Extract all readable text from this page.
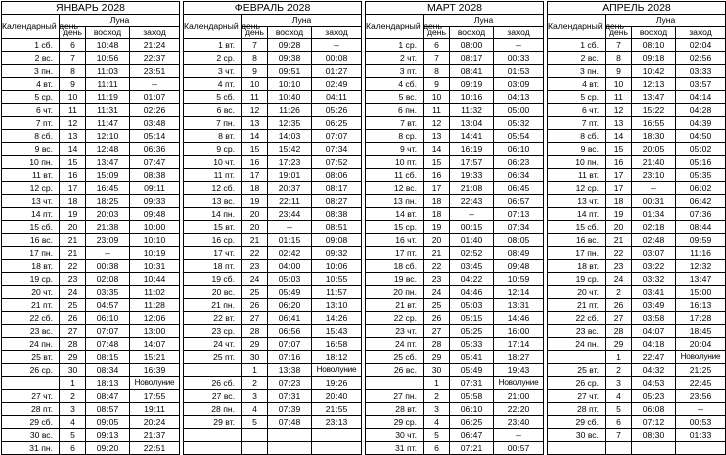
ЯНВАРЬ 2028			
Календарный день	Луна		
	день	восход	заход
1 сб.	6	10:48	21:24
2 вс.	7	10:56	22:37
3 пн.	8	11:03	23:51
4 вт.	9	11:11	–
5 ср.	10	11:19	01:07
6 чт.	11	11:31	02:26
7 пт.	12	11:47	03:48
8 сб.	13	12:10	05:14
9 вс.	14	12:48	06:36
10 пн.	15	13:47	07:47
11 вт.	16	15:09	08:38
12 ср.	17	16:45	09:11
13 чт.	18	18:25	09:33
14 пт.	19	20:03	09:48
15 сб.	20	21:38	10:00
16 вс.	21	23:09	10:10
17 пн.	21	–	10:19
18 вт.	22	00:38	10:31
19 ср.	23	02:08	10:44
20 чт.	24	03:35	11:02
21 пт.	25	04:57	11:28
22 сб.	26	06:10	12:06
23 вс.	27	07:07	13:00
24 пн.	28	07:48	14:07
25 вт.	29	08:15	15:21
26 ср.	30	08:34	16:39
	1	18:13	Новолуние
27 чт.	2	08:47	17:55
28 пт.	3	08:57	19:11
29 сб.	4	09:05	20:24
30 вс.	5	09:13	21:37
31 пн.	6	09:20	22:51
ФЕВРАЛЬ 2028			
Календарный день	Луна		
	день	восход	заход
1 вт.	7	09:28	–
2 ср.	8	09:38	00:08
3 чт.	9	09:51	01:27
4 пт.	10	10:10	02:49
5 сб.	11	10:40	04:11
6 вс.	12	11:26	05:26
7 пн.	13	12:35	06:25
8 вт.	14	14:03	07:07
9 ср.	15	15:42	07:34
10 чт.	16	17:23	07:52
11 пт.	17	19:01	08:06
12 сб.	18	20:37	08:17
13 вс.	19	22:11	08:27
14 пн.	20	23:44	08:38
15 вт.	20	–	08:51
16 ср.	21	01:15	09:08
17 чт.	22	02:42	09:32
18 пт.	23	04:00	10:06
19 сб.	24	05:03	10:55
20 вс.	25	05:49	11:57
21 пн.	26	06:20	13:10
22 вт.	27	06:41	14:26
23 ср.	28	06:56	15:43
24 чт.	29	07:07	16:58
25 пт.	30	07:16	18:12
	1	13:38	Новолуние
26 сб.	2	07:23	19:26
27 вс.	3	07:31	20:40
28 пн.	4	07:39	21:55
29 вт.	5	07:48	23:13

МАРТ 2028			
Календарный день	Луна		
	день	восход	заход
1 ср.	6	08:00	–
2 чт.	7	08:17	00:33
3 пт.	8	08:41	01:53
4 сб.	9	09:19	03:09
5 вс.	10	10:16	04:13
6 пн.	11	11:32	05:00
7 вт.	12	13:04	05:32
8 ср.	13	14:41	05:54
9 чт.	14	16:19	06:10
10 пт.	15	17:57	06:23
11 сб.	16	19:33	06:34
12 вс.	17	21:08	06:45
13 пн.	18	22:43	06:57
14 вт.	18	–	07:13
15 ср.	19	00:15	07:34
16 чт.	20	01:40	08:05
17 пт.	21	02:52	08:49
18 сб.	22	03:45	09:48
19 вс.	23	04:22	10:59
20 пн.	24	04:46	12:14
21 вт.	25	05:03	13:31
22 ср.	26	05:15	14:46
23 чт.	27	05:25	16:00
24 пт.	28	05:33	17:14
25 сб.	29	05:41	18:27
26 вс.	30	05:49	19:43
	1	07:31	Новолуние
27 пн.	2	05:58	21:00
28 вт.	3	06:10	22:20
29 ср.	4	06:25	23:40
30 чт.	5	06:47	–
31 пт.	6	07:21	00:57
АПРЕЛЬ 2028			
Календарный день	Луна		
	день	восход	заход
1 сб.	7	08:10	02:04
2 вс.	8	09:18	02:56
3 пн.	9	10:42	03:33
4 вт.	10	12:13	03:57
5 ср.	11	13:47	04:14
6 чт.	12	15:22	04:28
7 пт.	13	16:55	04:39
8 сб.	14	18:30	04:50
9 вс.	15	20:05	05:02
10 пн.	16	21:40	05:16
11 вт.	17	23:10	05:35
12 ср.	17	–	06:02
13 чт.	18	00:31	06:42
14 пт.	19	01:34	07:36
15 сб.	20	02:18	08:44
16 вс.	21	02:48	09:59
17 пн.	22	03:07	11:16
18 вт.	23	03:22	12:32
19 ср.	24	03:32	13:47
20 чт.	2	03:41	15:00
21 пт.	26	03:49	16:13
22 сб.	27	03:58	17:28
23 вс.	28	04:07	18:45
24 пн.	29	04:18	20:04
	1	22:47	Новолуние
25 вт.	2	04:32	21:25
26 ср.	3	04:53	22:45
27 чт.	4	05:23	23:56
28 пт.	5	06:08	–
29 сб.	6	07:12	00:53
30 вс.	7	08:30	01:33
